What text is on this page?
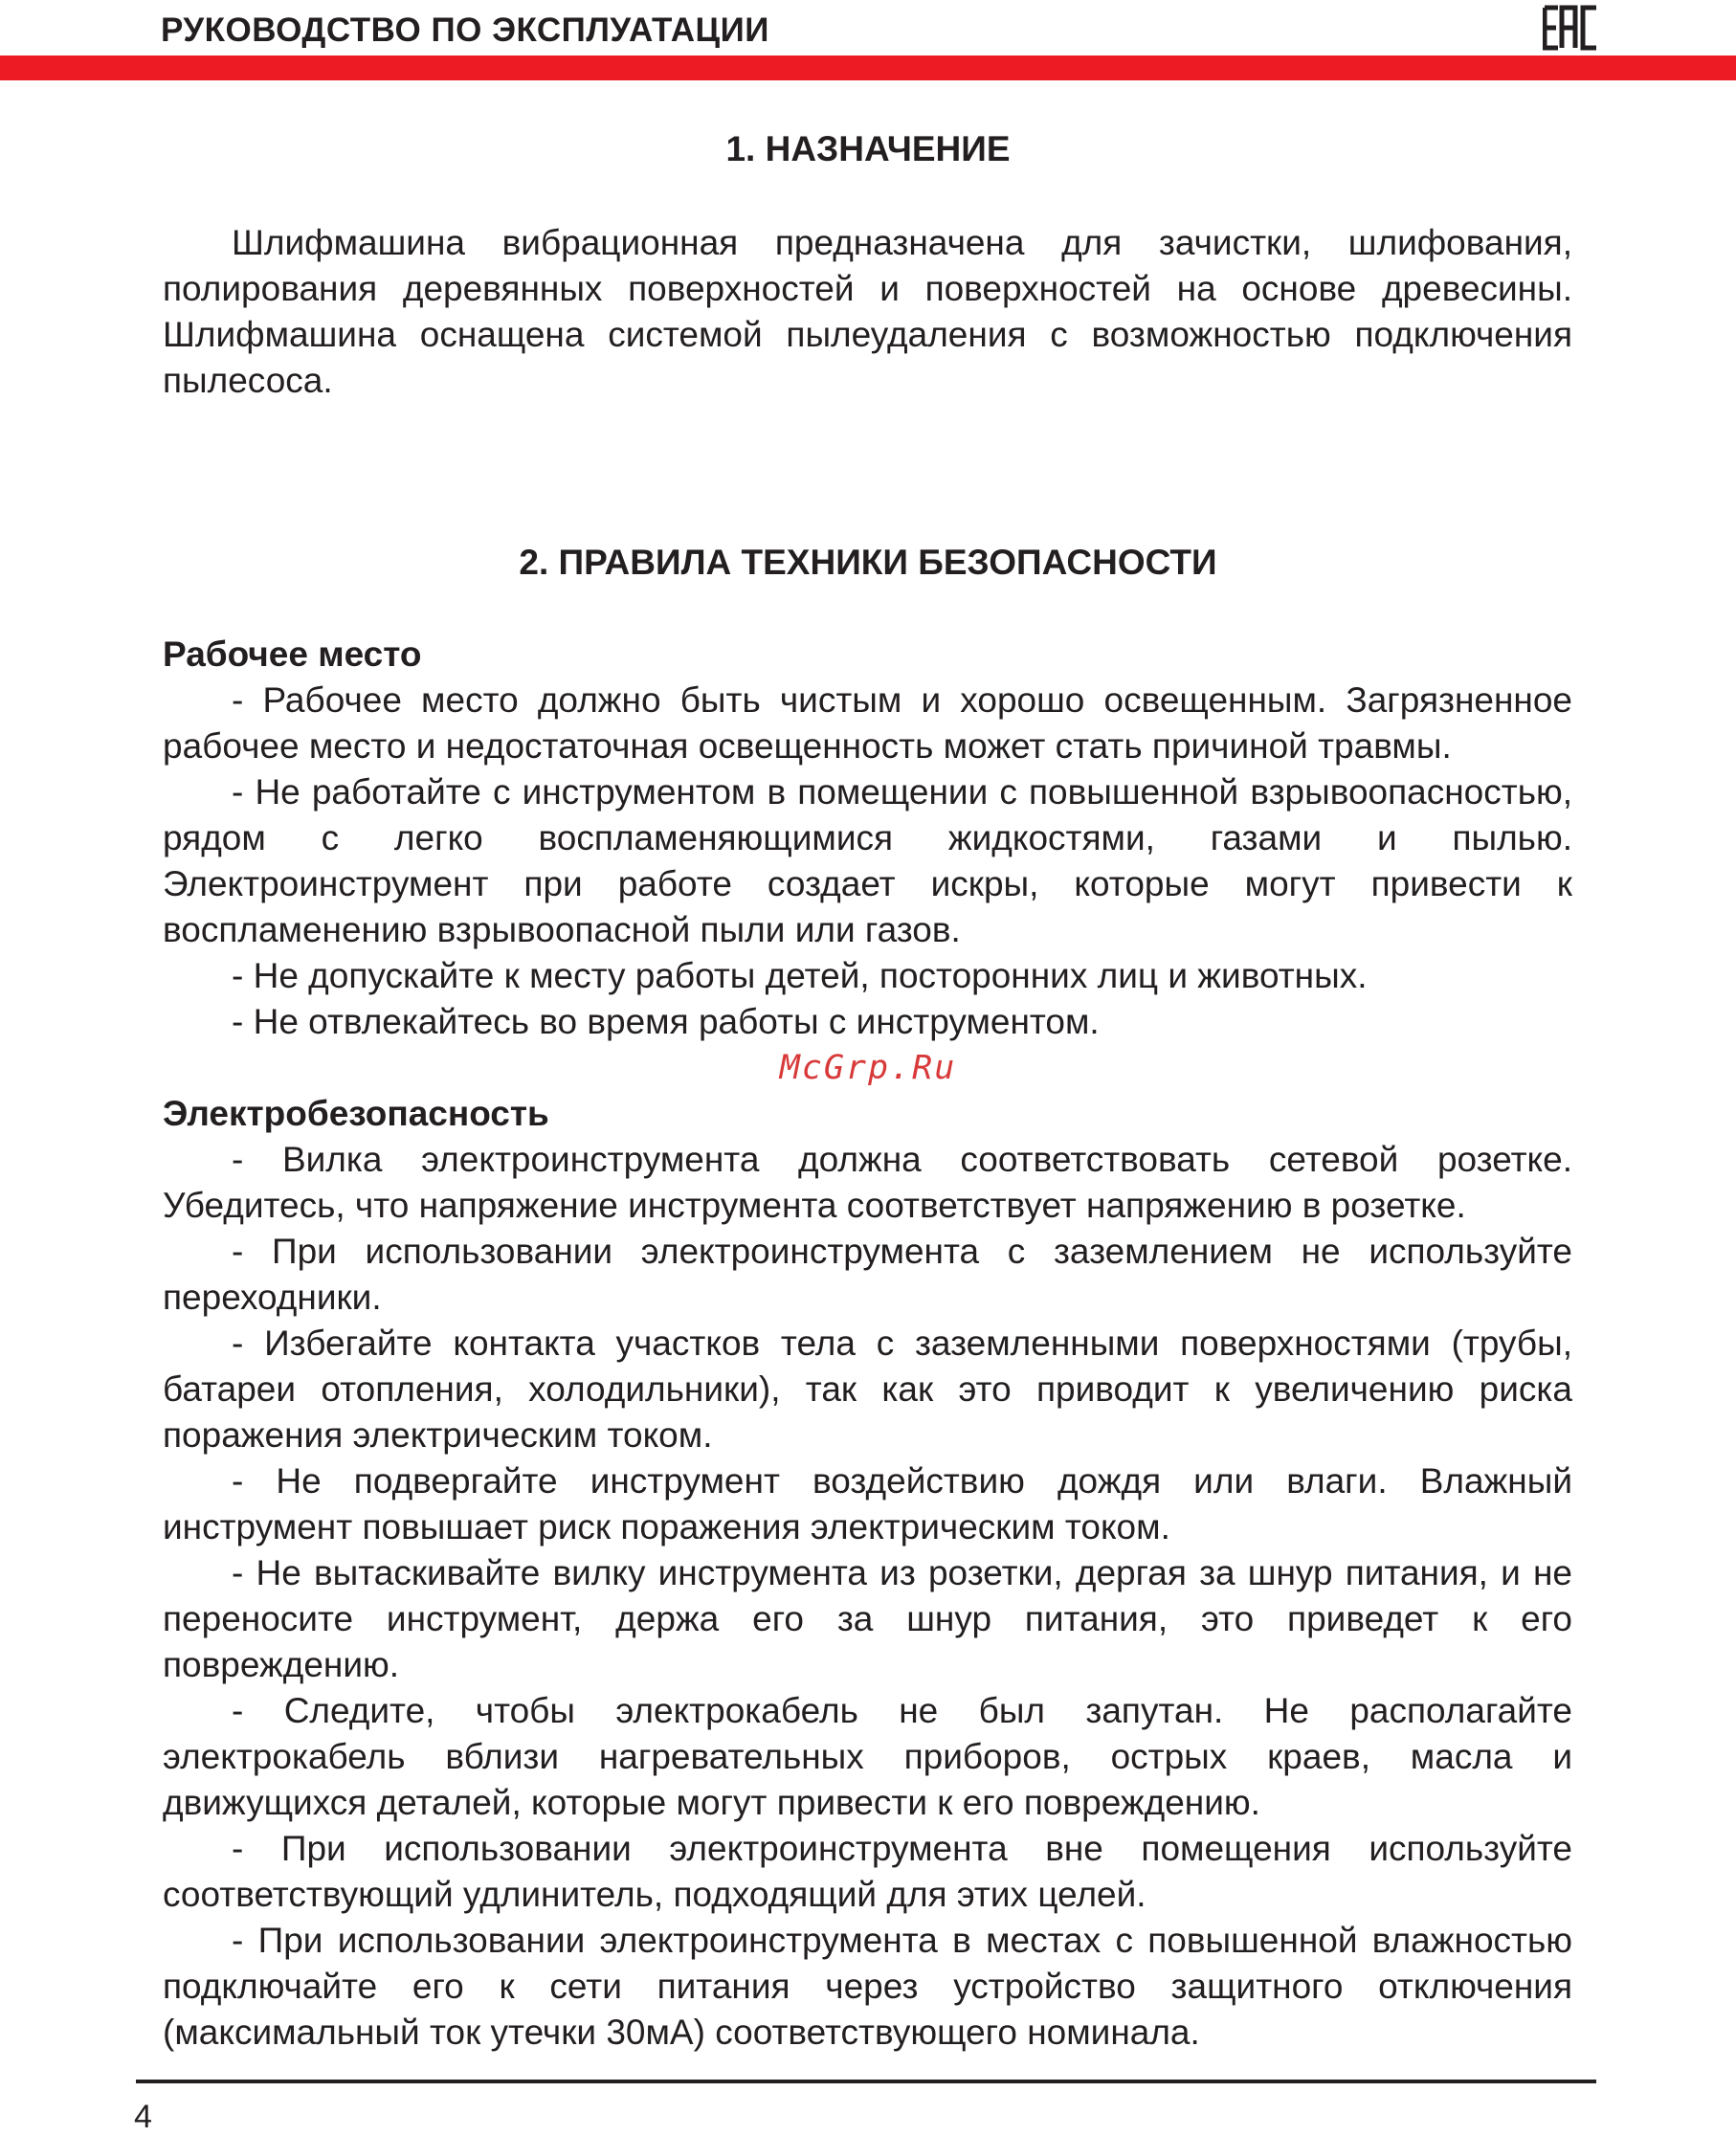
РУКОВОДСТВО ПО ЭКСПЛУАТАЦИИ
1. НАЗНАЧЕНИЕ

Шлифмашина вибрационная предназначена для зачистки, шлифования, полирования деревянных поверхностей и поверхностей на основе древесины. Шлифмашина оснащена системой пылеудаления с возможностью подключения пылесоса.

2. ПРАВИЛА ТЕХНИКИ БЕЗОПАСНОСТИ
Рабочее место

- Рабочее место должно быть чистым и хорошо освещенным. Загрязненное рабочее место и недостаточная освещенность может стать причиной травмы.

- Не работайте с инструментом в помещении с повышенной взрывоопасностью, рядом с легко воспламеняющимися жидкостями, газами и пылью. Электроинструмент при работе создает искры, которые могут привести к воспламенению взрывоопасной пыли или газов.

- Не допускайте к месту работы детей, посторонних лиц и животных.

- Не отвлекайтесь во время работы с инструментом.

McGrp.Ru
Электробезопасность

- Вилка электроинструмента должна соответствовать сетевой розетке. Убедитесь, что напряжение инструмента соответствует напряжению в розетке.

- При использовании электроинструмента с заземлением не используйте переходники.

- Избегайте контакта участков тела с заземленными поверхностями (трубы, батареи отопления, холодильники), так как это приводит к увеличению риска поражения электрическим током.

- Не подвергайте инструмент воздействию дождя или влаги. Влажный инструмент повышает риск поражения электрическим током.

- Не вытаскивайте вилку инструмента из розетки, дергая за шнур питания, и не переносите инструмент, держа его за шнур питания, это приведет к его повреждению.

- Следите, чтобы электрокабель не был запутан. Не располагайте электрокабель вблизи нагревательных приборов, острых краев, масла и движущихся деталей, которые могут привести к его повреждению.

- При использовании электроинструмента вне помещения используйте соответствующий удлинитель, подходящий для этих целей.

- При использовании электроинструмента в местах с повышенной влажностью подключайте его к сети питания через устройство защитного отключения (максимальный ток утечки 30мА) соответствующего номинала.

4
